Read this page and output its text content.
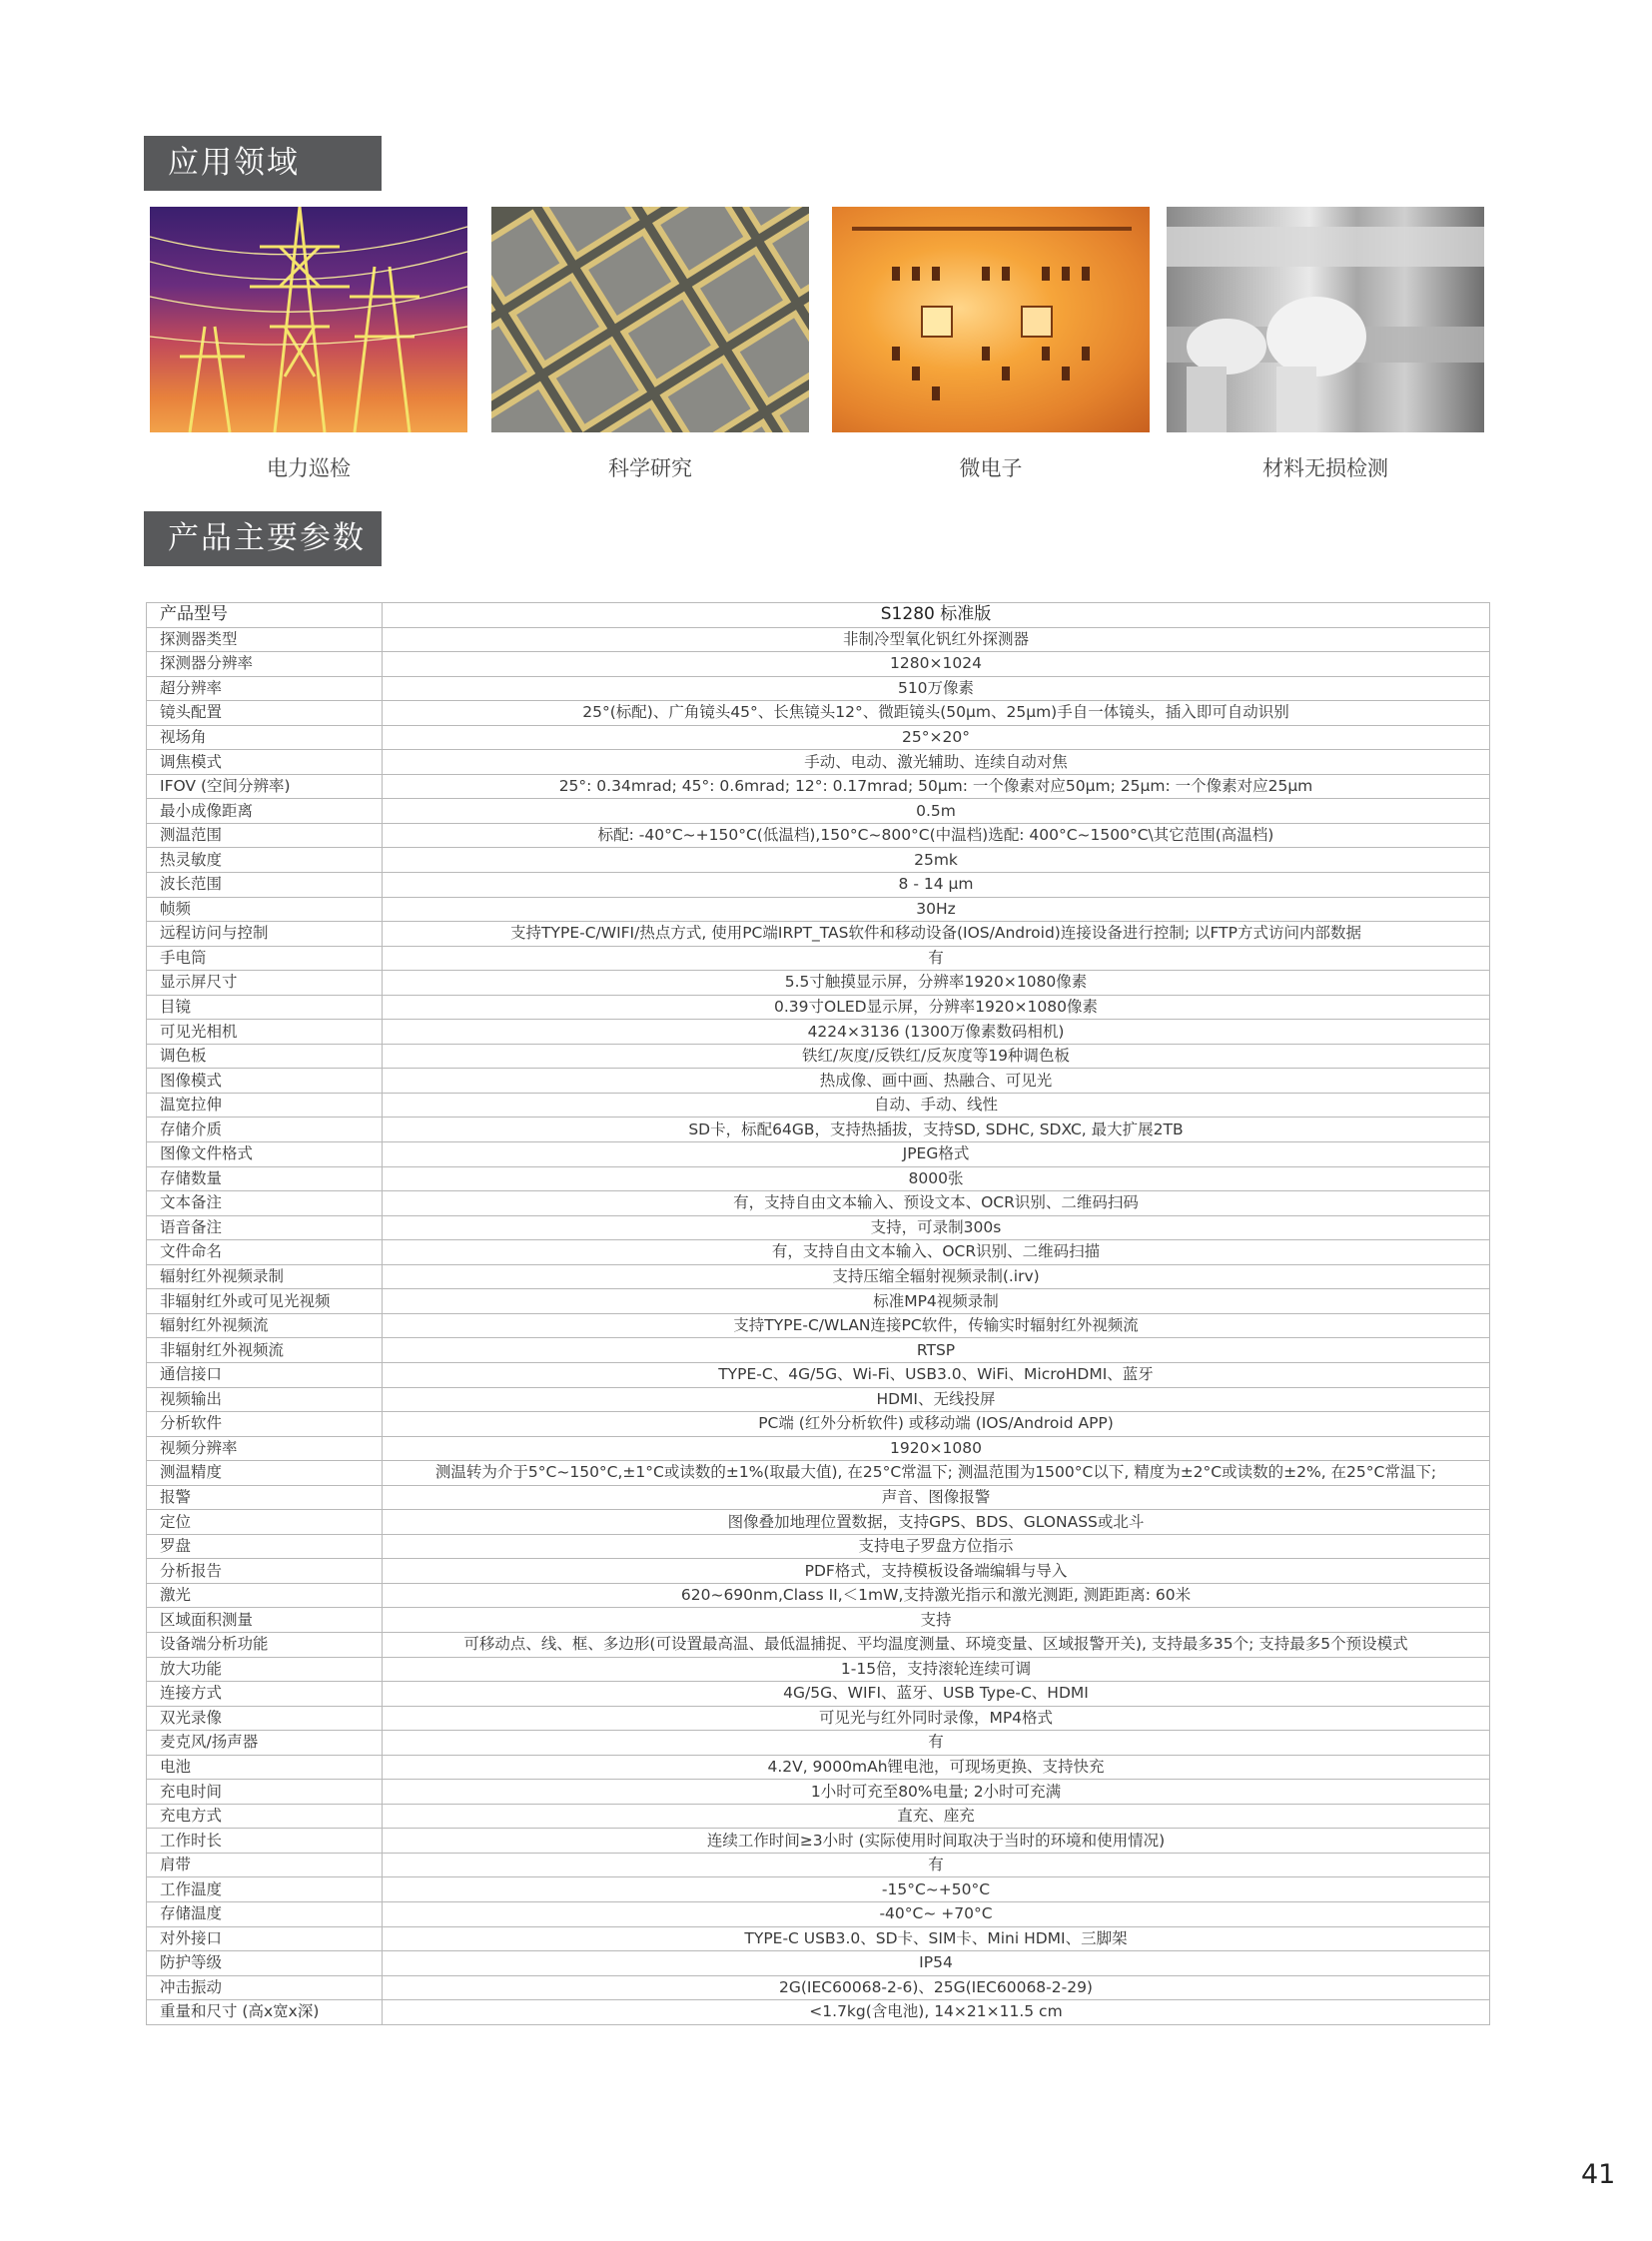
应用领域
电力巡检	科学研究	微电子	材料无损检测
产品主要参数
产品型号	S1280 标准版
探测器类型	非制冷型氧化钒红外探测器
探测器分辨率	1280×1024
超分辨率	510万像素
镜头配置	25°(标配)、广角镜头45°、长焦镜头12°、微距镜头(50μm、25μm)手自一体镜头，插入即可自动识别
视场角	25°×20°
调焦模式	手动、电动、激光辅助、连续自动对焦
IFOV (空间分辨率)	25°: 0.34mrad; 45°: 0.6mrad; 12°: 0.17mrad; 50μm: 一个像素对应50μm; 25μm: 一个像素对应25μm
最小成像距离	0.5m
测温范围	标配: -40°C~+150°C(低温档),150°C~800°C(中温档)选配: 400°C~1500°C\其它范围(高温档)
热灵敏度	25mk
波长范围	8 - 14 μm
帧频	30Hz
远程访问与控制	支持TYPE-C/WIFI/热点方式, 使用PC端IRPT_TAS软件和移动设备(IOS/Android)连接设备进行控制; 以FTP方式访问内部数据
手电筒	有
显示屏尺寸	5.5寸触摸显示屏，分辨率1920×1080像素
目镜	0.39寸OLED显示屏，分辨率1920×1080像素
可见光相机	4224×3136 (1300万像素数码相机)
调色板	铁红/灰度/反铁红/反灰度等19种调色板
图像模式	热成像、画中画、热融合、可见光
温宽拉伸	自动、手动、线性
存储介质	SD卡，标配64GB，支持热插拔，支持SD, SDHC, SDXC, 最大扩展2TB
图像文件格式	JPEG格式
存储数量	8000张
文本备注	有，支持自由文本输入、预设文本、OCR识别、二维码扫码
语音备注	支持，可录制300s
文件命名	有，支持自由文本输入、OCR识别、二维码扫描
辐射红外视频录制	支持压缩全辐射视频录制(.irv)
非辐射红外或可见光视频	标准MP4视频录制
辐射红外视频流	支持TYPE-C/WLAN连接PC软件，传输实时辐射红外视频流
非辐射红外视频流	RTSP
通信接口	TYPE-C、4G/5G、Wi-Fi、USB3.0、WiFi、MicroHDMI、蓝牙
视频输出	HDMI、无线投屏
分析软件	PC端 (红外分析软件) 或移动端 (IOS/Android APP)
视频分辨率	1920×1080
测温精度	测温转为介于5°C~150°C,±1°C或读数的±1%(取最大值), 在25°C常温下; 测温范围为1500°C以下, 精度为±2°C或读数的±2%, 在25°C常温下;
报警	声音、图像报警
定位	图像叠加地理位置数据，支持GPS、BDS、GLONASS或北斗
罗盘	支持电子罗盘方位指示
分析报告	PDF格式，支持模板设备端编辑与导入
激光	620~690nm,Class II,＜1mW,支持激光指示和激光测距, 测距距离: 60米
区域面积测量	支持
设备端分析功能	可移动点、线、框、多边形(可设置最高温、最低温捕捉、平均温度测量、环境变量、区域报警开关), 支持最多35个; 支持最多5个预设模式
放大功能	1-15倍，支持滚轮连续可调
连接方式	4G/5G、WIFI、蓝牙、USB Type-C、HDMI
双光录像	可见光与红外同时录像，MP4格式
麦克风/扬声器	有
电池	4.2V, 9000mAh锂电池，可现场更换、支持快充
充电时间	1小时可充至80%电量; 2小时可充满
充电方式	直充、座充
工作时长	连续工作时间≥3小时 (实际使用时间取决于当时的环境和使用情况)
肩带	有
工作温度	-15°C~+50°C
存储温度	-40°C~ +70°C
对外接口	TYPE-C USB3.0、SD卡、SIM卡、Mini HDMI、三脚架
防护等级	IP54
冲击振动	2G(IEC60068-2-6)、25G(IEC60068-2-29)
重量和尺寸 (高x宽x深)	<1.7kg(含电池), 14×21×11.5 cm
41
